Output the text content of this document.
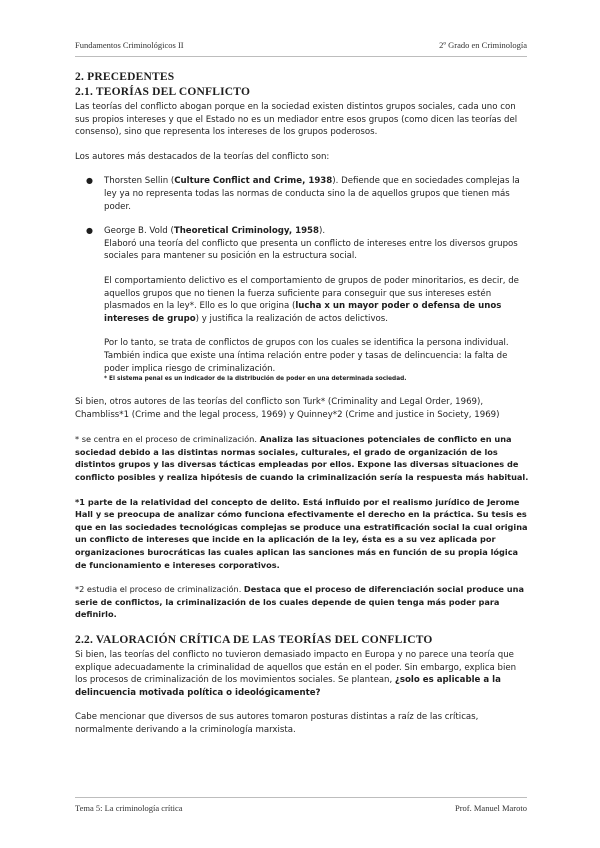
Fundamentos Criminológicos II	2º Grado en Criminología
2. PRECEDENTES
2.1. TEORÍAS DEL CONFLICTO

Las teorías del conflicto abogan porque en la sociedad existen distintos grupos sociales, cada uno con sus propios intereses y que el Estado no es un mediador entre esos grupos (como dicen las teorías del consenso), sino que representa los intereses de los grupos poderosos.

Los autores más destacados de la teorías del conflicto son:

● Thorsten Sellin (Culture Conflict and Crime, 1938). Defiende que en sociedades complejas la ley ya no representa todas las normas de conducta sino la de aquellos grupos que tienen más poder.
● George B. Vold (Theoretical Criminology, 1958).

Elaboró una teoría del conflicto que presenta un conflicto de intereses entre los diversos grupos sociales para mantener su posición en la estructura social.

El comportamiento delictivo es el comportamiento de grupos de poder minoritarios, es decir, de aquellos grupos que no tienen la fuerza suficiente para conseguir que sus intereses estén plasmados en la ley*. Ello es lo que origina (lucha x un mayor poder o defensa de unos intereses de grupo) y justifica la realización de actos delictivos.

Por lo tanto, se trata de conflictos de grupos con los cuales se identifica la persona individual. También indica que existe una íntima relación entre poder y tasas de delincuencia: la falta de poder implica riesgo de criminalización.

* El sistema penal es un indicador de la distribución de poder en una determinada sociedad.

Si bien, otros autores de las teorías del conflicto son Turk* (Criminality and Legal Order, 1969), Chambliss*1 (Crime and the legal process, 1969) y Quinney*2 (Crime and justice in Society, 1969)

* se centra en el proceso de criminalización. Analiza las situaciones potenciales de conflicto en una sociedad debido a las distintas normas sociales, culturales, el grado de organización de los distintos grupos y las diversas tácticas empleadas por ellos. Expone las diversas situaciones de conflicto posibles y realiza hipótesis de cuando la criminalización sería la respuesta más habitual.

*1 parte de la relatividad del concepto de delito. Está influido por el realismo jurídico de Jerome Hall y se preocupa de analizar cómo funciona efectivamente el derecho en la práctica. Su tesis es que en las sociedades tecnológicas complejas se produce una estratificación social la cual origina un conflicto de intereses que incide en la aplicación de la ley, ésta es a su vez aplicada por organizaciones burocráticas las cuales aplican las sanciones más en función de su propia lógica de funcionamiento e intereses corporativos.

*2 estudia el proceso de criminalización. Destaca que el proceso de diferenciación social produce una serie de conflictos, la criminalización de los cuales depende de quien tenga más poder para definirlo.

2.2. VALORACIÓN CRÍTICA DE LAS TEORÍAS DEL CONFLICTO

Si bien, las teorías del conflicto no tuvieron demasiado impacto en Europa y no parece una teoría que explique adecuadamente la criminalidad de aquellos que están en el poder. Sin embargo, explica bien los procesos de criminalización de los movimientos sociales. Se plantean, ¿solo es aplicable a la delincuencia motivada política o ideológicamente?

Cabe mencionar que diversos de sus autores tomaron posturas distintas a raíz de las críticas, normalmente derivando a la criminología marxista.

Tema 5: La criminología crítica	Prof. Manuel Maroto
